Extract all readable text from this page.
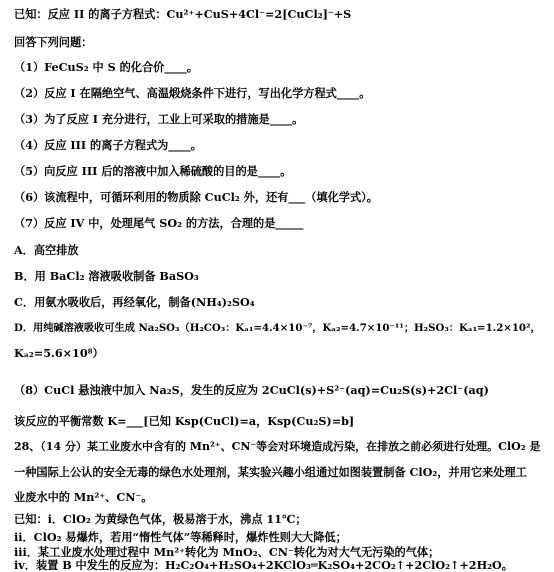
已知：反应 II 的离子方程式：Cu²⁺+CuS+4Cl⁻=2[CuCl₂]⁻+S
回答下列问题：
（1）FeCuS₂ 中 S 的化合价____。
（2）反应 I 在隔绝空气、高温煅烧条件下进行，写出化学方程式____。
（3）为了反应 I 充分进行，工业上可采取的措施是____。
（4）反应 III 的离子方程式为____。
（5）向反应 III 后的溶液中加入稀硫酸的目的是____。
（6）该流程中，可循环利用的物质除 CuCl₂ 外，还有___（填化学式）。
（7）反应 IV 中，处理尾气 SO₂ 的方法，合理的是_____
A．高空排放
B．用 BaCl₂ 溶液吸收制备 BaSO₃
C．用氨水吸收后，再经氧化，制备(NH₄)₂SO₄
D．用纯碱溶液吸收可生成 Na₂SO₃（H₂CO₃：Kₐ₁=4.4×10⁻⁷，Kₐ₂=4.7×10⁻¹¹；H₂SO₃：Kₐ₁=1.2×10²，
Kₐ₂=5.6×10⁸）
（8）CuCl 悬浊液中加入 Na₂S，发生的反应为 2CuCl(s)+S²⁻(aq)=Cu₂S(s)+2Cl⁻(aq)
该反应的平衡常数 K=___[已知 Ksp(CuCl)=a，Ksp(Cu₂S)=b]
28、（14 分）某工业废水中含有的 Mn²⁺、CN⁻等会对环境造成污染，在排放之前必须进行处理。ClO₂ 是
一种国际上公认的安全无毒的绿色水处理剂，某实验兴趣小组通过如图装置制备 ClO₂，并用它来处理工
业废水中的 Mn²⁺、CN⁻。
已知：i．ClO₂ 为黄绿色气体，极易溶于水，沸点 11℃；
ii．ClO₂ 易爆炸，若用“惰性气体”等稀释时，爆炸性则大大降低；
iii．某工业废水处理过程中 Mn²⁺转化为 MnO₂、CN⁻转化为对大气无污染的气体；
iv．装置 B 中发生的反应为：H₂C₂O₄+H₂SO₄+2KClO₃═K₂SO₄+2CO₂↑+2ClO₂↑+2H₂O。
